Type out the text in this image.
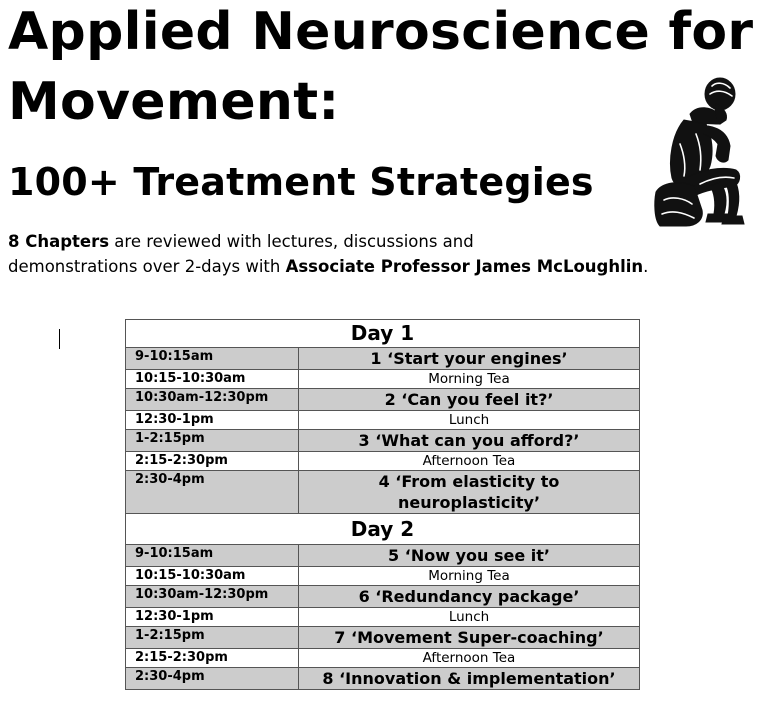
Applied Neuroscience for
Movement:
100+ Treatment Strategies

8 Chapters are reviewed with lectures, discussions and
demonstrations over 2-days with Associate Professor James McLoughlin.

Day 1	
9-10:15am	1 ‘Start your engines’
10:15-10:30am	Morning Tea
10:30am-12:30pm	2 ‘Can you feel it?’
12:30-1pm	Lunch
1-2:15pm	3 ‘What can you afford?’
2:15-2:30pm	Afternoon Tea
2:30-4pm	4 ‘From elasticity to neuroplasticity’
Day 2	
9-10:15am	5 ‘Now you see it’
10:15-10:30am	Morning Tea
10:30am-12:30pm	6 ‘Redundancy package’
12:30-1pm	Lunch
1-2:15pm	7 ‘Movement Super-coaching’
2:15-2:30pm	Afternoon Tea
2:30-4pm	8 ‘Innovation & implementation’
